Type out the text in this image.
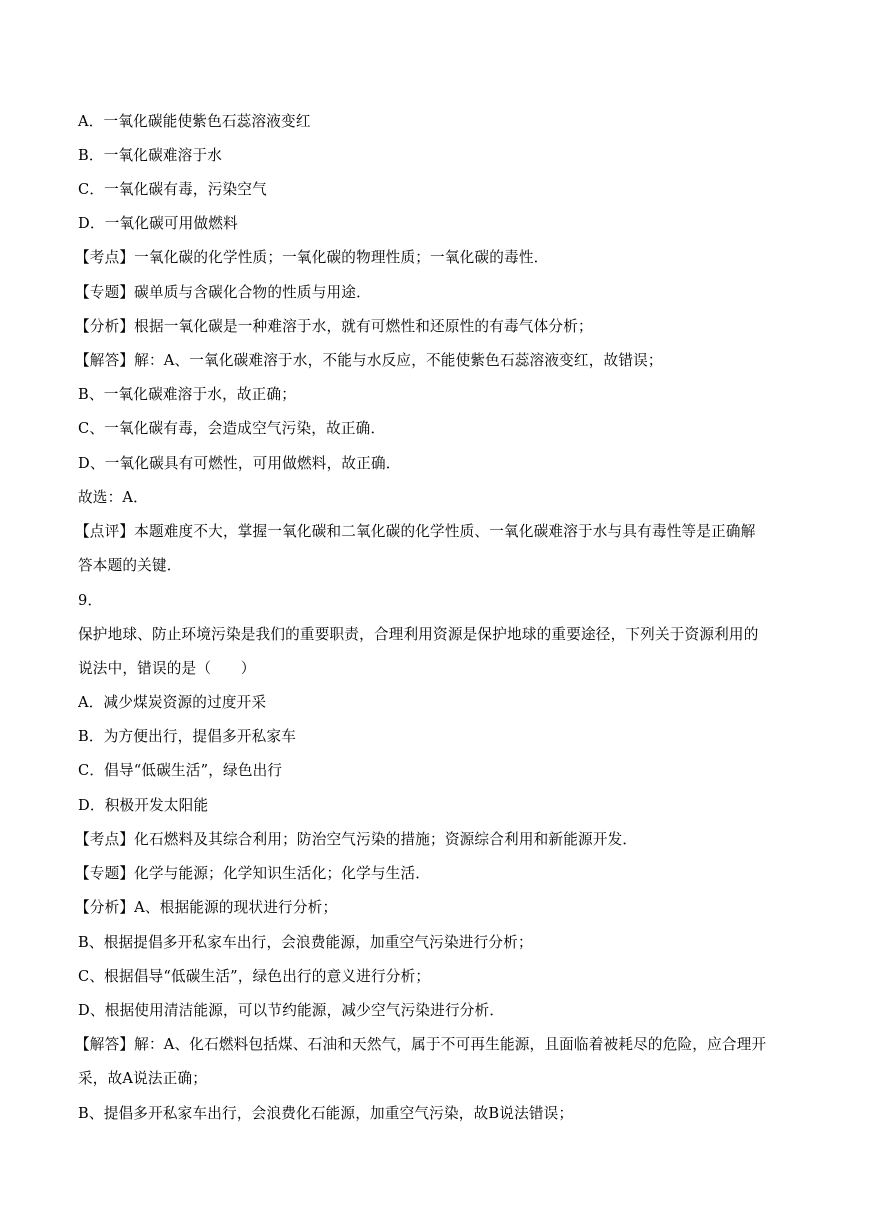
A．一氧化碳能使紫色石蕊溶液变红
B．一氧化碳难溶于水
C．一氧化碳有毒，污染空气
D．一氧化碳可用做燃料
【考点】一氧化碳的化学性质；一氧化碳的物理性质；一氧化碳的毒性．
【专题】碳单质与含碳化合物的性质与用途．
【分析】根据一氧化碳是一种难溶于水，就有可燃性和还原性的有毒气体分析；
【解答】解：A、一氧化碳难溶于水，不能与水反应，不能使紫色石蕊溶液变红，故错误；
B、一氧化碳难溶于水，故正确；
C、一氧化碳有毒，会造成空气污染，故正确．
D、一氧化碳具有可燃性，可用做燃料，故正确．
故选：A．
【点评】本题难度不大，掌握一氧化碳和二氧化碳的化学性质、一氧化碳难溶于水与具有毒性等是正确解
答本题的关键．
9．
保护地球、防止环境污染是我们的重要职责，合理利用资源是保护地球的重要途径，下列关于资源利用的
说法中，错误的是（　　）
A．减少煤炭资源的过度开采
B．为方便出行，提倡多开私家车
C．倡导“低碳生活”，绿色出行
D．积极开发太阳能
【考点】化石燃料及其综合利用；防治空气污染的措施；资源综合利用和新能源开发．
【专题】化学与能源；化学知识生活化；化学与生活．
【分析】A、根据能源的现状进行分析；
B、根据提倡多开私家车出行，会浪费能源，加重空气污染进行分析；
C、根据倡导“低碳生活”，绿色出行的意义进行分析；
D、根据使用清洁能源，可以节约能源，减少空气污染进行分析．
【解答】解：A、化石燃料包括煤、石油和天然气，属于不可再生能源，且面临着被耗尽的危险，应合理开
采，故A说法正确；
B、提倡多开私家车出行，会浪费化石能源，加重空气污染，故B说法错误；
